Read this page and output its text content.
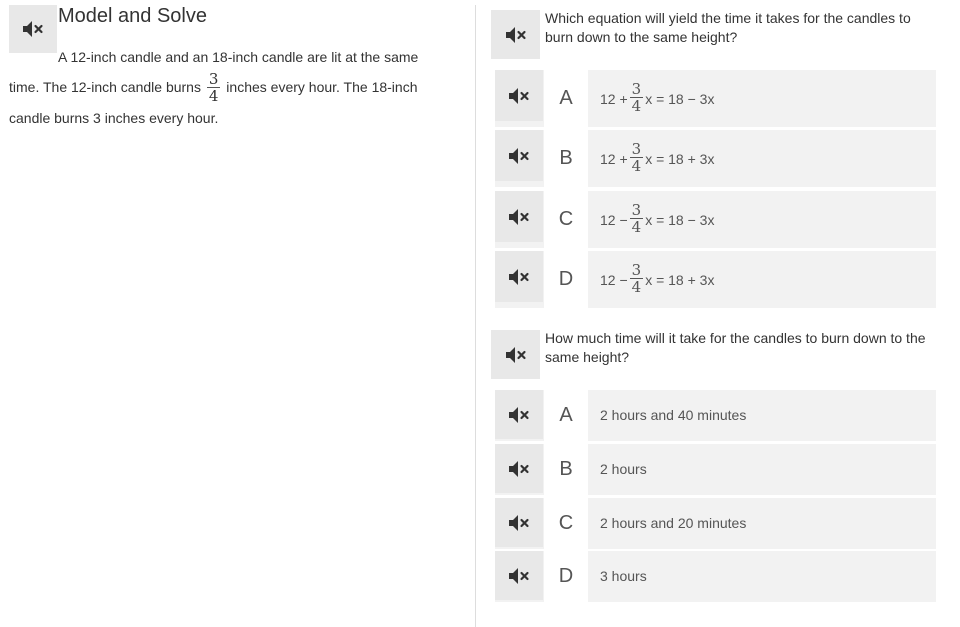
Model and Solve
A 12-inch candle and an 18-inch candle are lit at the same time. The 12-inch candle burns $\frac{3}{4}$ inches every hour. The 18-inch candle burns 3 inches every hour.
Which equation will yield the time it takes for the candles to burn down to the same height?
A	$12 + \frac{3}{4}$ x = 18 − 3x
B	$12 + \frac{3}{4}$ x = 18 + 3x
C	$12 - \frac{3}{4}$ x = 18 − 3x
D	$12 - \frac{3}{4}$ x = 18 + 3x
How much time will it take for the candles to burn down to the same height?
A	2 hours and 40 minutes
B	2 hours
C	2 hours and 20 minutes
D	3 hours
